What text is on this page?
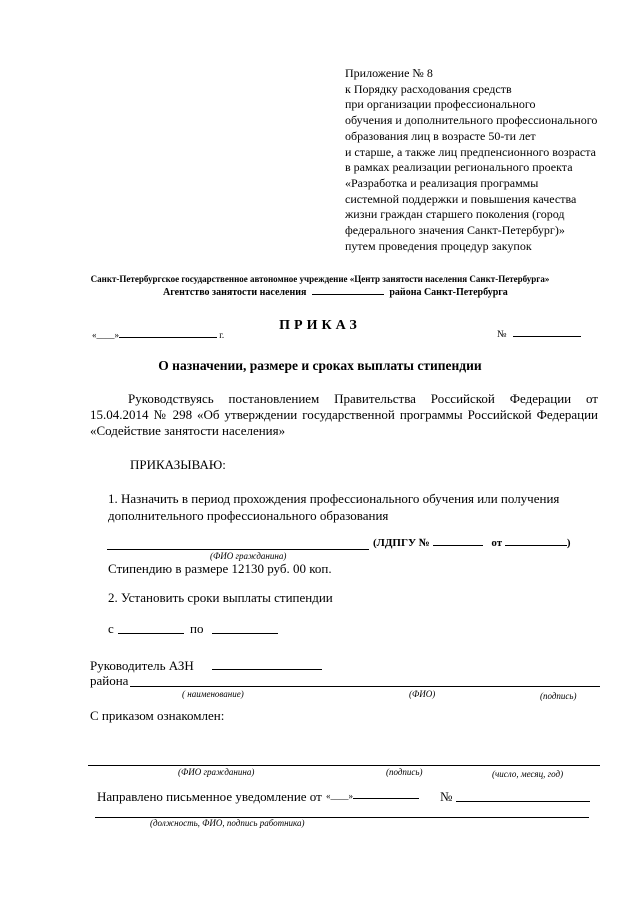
Приложение № 8
к Порядку расходования средств
при организации профессионального
обучения и дополнительного профессионального
образования лиц в возрасте 50-ти лет
и старше, а также лиц предпенсионного возраста
в рамках реализации регионального проекта
«Разработка и реализация программы
системной поддержки и повышения качества
жизни граждан старшего поколения (город
федерального значения Санкт-Петербург)»
путем проведения процедур закупок
Санкт-Петербургское государственное автономное учреждение «Центр занятости населения Санкт-Петербурга»
Агентство занятости населения	района Санкт-Петербурга
ПРИКАЗ
«____»	г.	№
О назначении, размере и сроках выплаты стипендии
Руководствуясь постановлением Правительства Российской Федерации от 15.04.2014 № 298 «Об утверждении государственной программы Российской Федерации «Содействие занятости населения»
ПРИКАЗЫВАЮ:
1. Назначить в период прохождения профессионального обучения или получения
дополнительного профессионального образования
(ЛДПГУ №	от	)
(ФИО гражданина)
Стипендию в размере 12130 руб. 00 коп.
2. Установить сроки выплаты стипендии
с	по
Руководитель АЗН
района
( наименование)	(ФИО)	(подпись)
С приказом ознакомлен:
(ФИО гражданина)	(подпись)	(число, месяц, год)
Направлено письменное уведомление от «____»	№
(должность, ФИО, подпись работника)
